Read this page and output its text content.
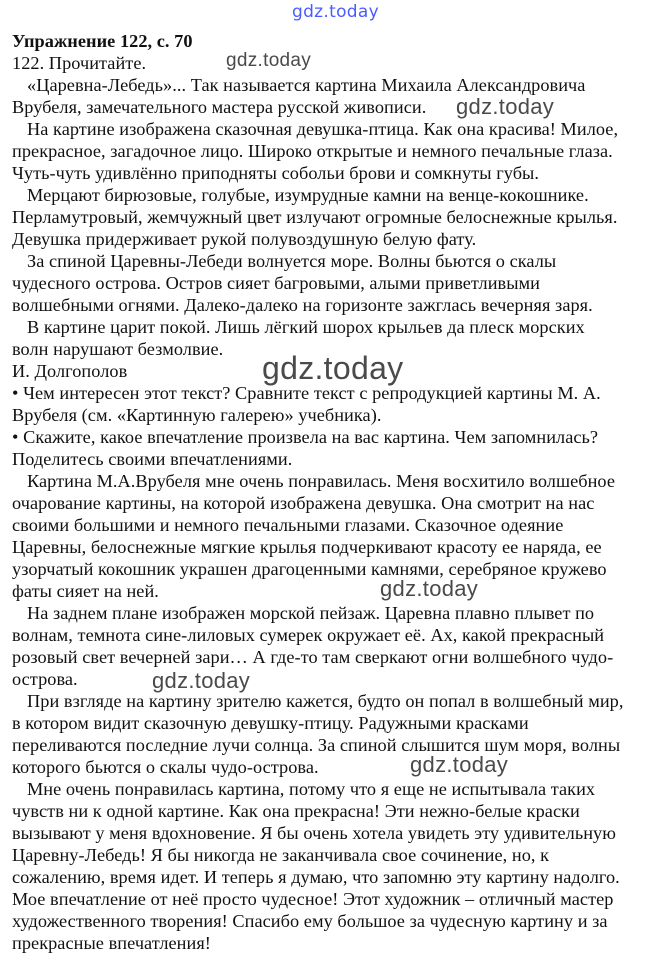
gdz.today
Упражнение 122, с. 70
122. Прочитайте.
«Царевна-Лебедь»... Так называется картина Михаила Александровича
Врубеля, замечательного мастера русской живописи.
На картине изображена сказочная девушка-птица. Как она красива! Милое,
прекрасное, загадочное лицо. Широко открытые и немного печальные глаза.
Чуть-чуть удивлённо приподняты собольи брови и сомкнуты губы.
Мерцают бирюзовые, голубые, изумрудные камни на венце-кокошнике.
Перламутровый, жемчужный цвет излучают огромные белоснежные крылья.
Девушка придерживает рукой полувоздушную белую фату.
За спиной Царевны-Лебеди волнуется море. Волны бьются о скалы
чудесного острова. Остров сияет багровыми, алыми приветливыми
волшебными огнями. Далеко-далеко на горизонте зажглась вечерняя заря.
В картине царит покой. Лишь лёгкий шорох крыльев да плеск морских
волн нарушают безмолвие.
И. Долгополов
• Чем интересен этот текст? Сравните текст с репродукцией картины М. А.
Врубеля (см. «Картинную галерею» учебника).
• Скажите, какое впечатление произвела на вас картина. Чем запомнилась?
Поделитесь своими впечатлениями.
Картина М.А.Врубеля мне очень понравилась. Меня восхитило волшебное
очарование картины, на которой изображена девушка. Она смотрит на нас
своими большими и немного печальными глазами. Сказочное одеяние
Царевны, белоснежные мягкие крылья подчеркивают красоту ее наряда, ее
узорчатый кокошник украшен драгоценными камнями, серебряное кружево
фаты сияет на ней.
На заднем плане изображен морской пейзаж. Царевна плавно плывет по
волнам, темнота сине-лиловых сумерек окружает её. Ах, какой прекрасный
розовый свет вечерней зари… А где-то там сверкают огни волшебного чудо-
острова.
При взгляде на картину зрителю кажется, будто он попал в волшебный мир,
в котором видит сказочную девушку-птицу. Радужными красками
переливаются последние лучи солнца. За спиной слышится шум моря, волны
которого бьются о скалы чудо-острова.
Мне очень понравилась картина, потому что я еще не испытывала таких
чувств ни к одной картине. Как она прекрасна! Эти нежно-белые краски
вызывают у меня вдохновение. Я бы очень хотела увидеть эту удивительную
Царевну-Лебедь! Я бы никогда не заканчивала свое сочинение, но, к
сожалению, время идет. И теперь я думаю, что запомню эту картину надолго.
Мое впечатление от неё просто чудесное! Этот художник – отличный мастер
художественного творения! Спасибо ему большое за чудесную картину и за
прекрасные впечатления!
gdz.today
gdz.today
gdz.today
gdz.today
gdz.today
gdz.today
